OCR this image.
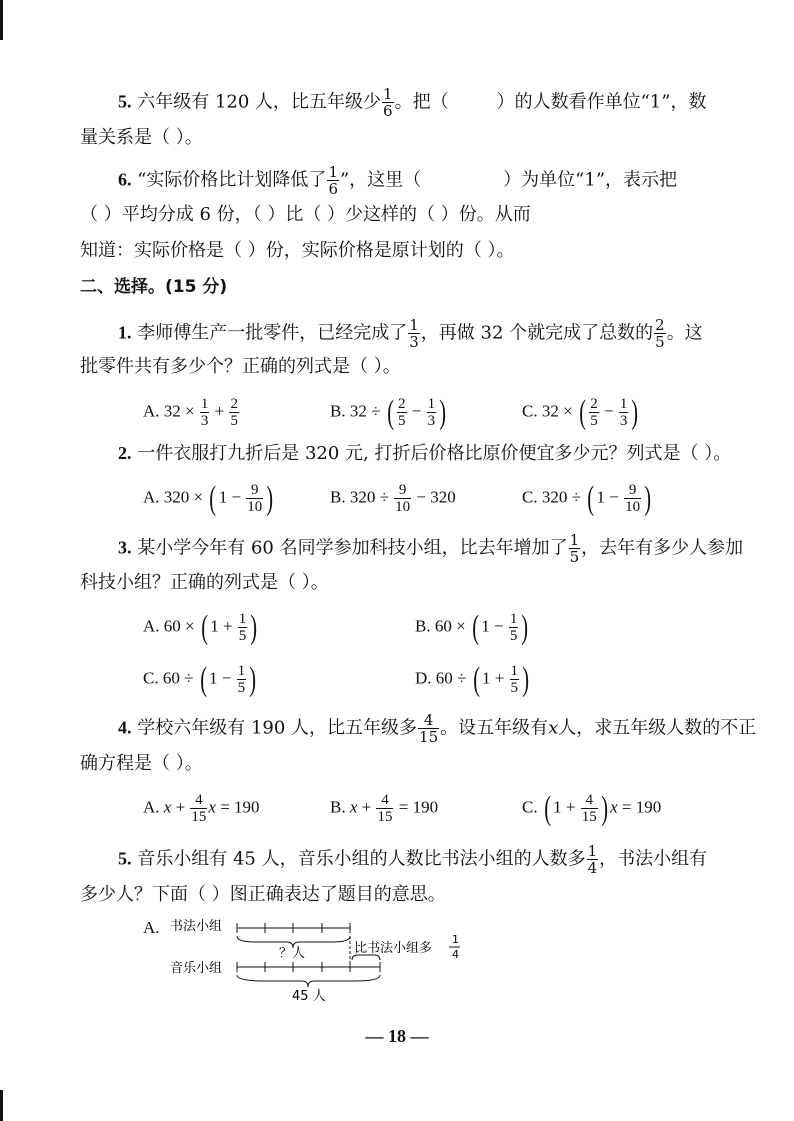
5. 六年级有 120 人，比五年级少 $\frac{1}{6}$ 。把（	）的人数看作单位“1”，数
量关系是（ ）。
6. “实际价格比计划降低了 $\frac{1}{6}$ ”，这里（	）为单位“1”，表示把
（ ）平均分成 6 份，（ ）比（ ）少这样的（ ）份。从而
知道：实际价格是（ ）份，实际价格是原计划的（ ）。
二、选择。(15 分)
1. 李师傅生产一批零件，已经完成了 $\frac{1}{3}$ ，再做 32 个就完成了总数的 $\frac{2}{5}$ 。这
批零件共有多少个？正确的列式是（ ）。
A. $32 \times \frac{1}{3} + \frac{2}{5}$	B. 32 ÷ ( $\frac{2}{5} - \frac{1}{3}$ )	C. 32 × ( $\frac{2}{5} - \frac{1}{3}$ )
2. 一件衣服打九折后是 320 元, 打折后价格比原价便宜多少元？列式是（ ）。
A. 320 × ( $1 - \frac{9}{10}$ )	B. $320 \div \frac{9}{10} - 320$	C. 320 ÷ ( $1 - \frac{9}{10}$ )
3. 某小学今年有 60 名同学参加科技小组，比去年增加了 $\frac{1}{5}$ ，去年有多少人参加
科技小组？正确的列式是（ ）。
A. 60 × ( $1 + \frac{1}{5}$ )	B. 60 × ( $1 - \frac{1}{5}$ )
C. 60 ÷ ( $1 - \frac{1}{5}$ )	D. 60 ÷ ( $1 + \frac{1}{5}$ )
4. 学校六年级有 190 人，比五年级多 $\frac{4}{15}$ 。设五年级有x人，求五年级人数的不正
确方程是（ ）。
A. $x + \frac{4}{15}$ x = 190	B. $x + \frac{4}{15} = 190$	C. ( $1 + \frac{4}{15}$ ) x = 190
5. 音乐小组有 45 人，音乐小组的人数比书法小组的人数多 $\frac{1}{4}$ ，书法小组有
多少人？下面（ ）图正确表达了题目的意思。
A. 书法小组
？人
音乐小组
比书法小组多
1
4
45 人
— 18 —
